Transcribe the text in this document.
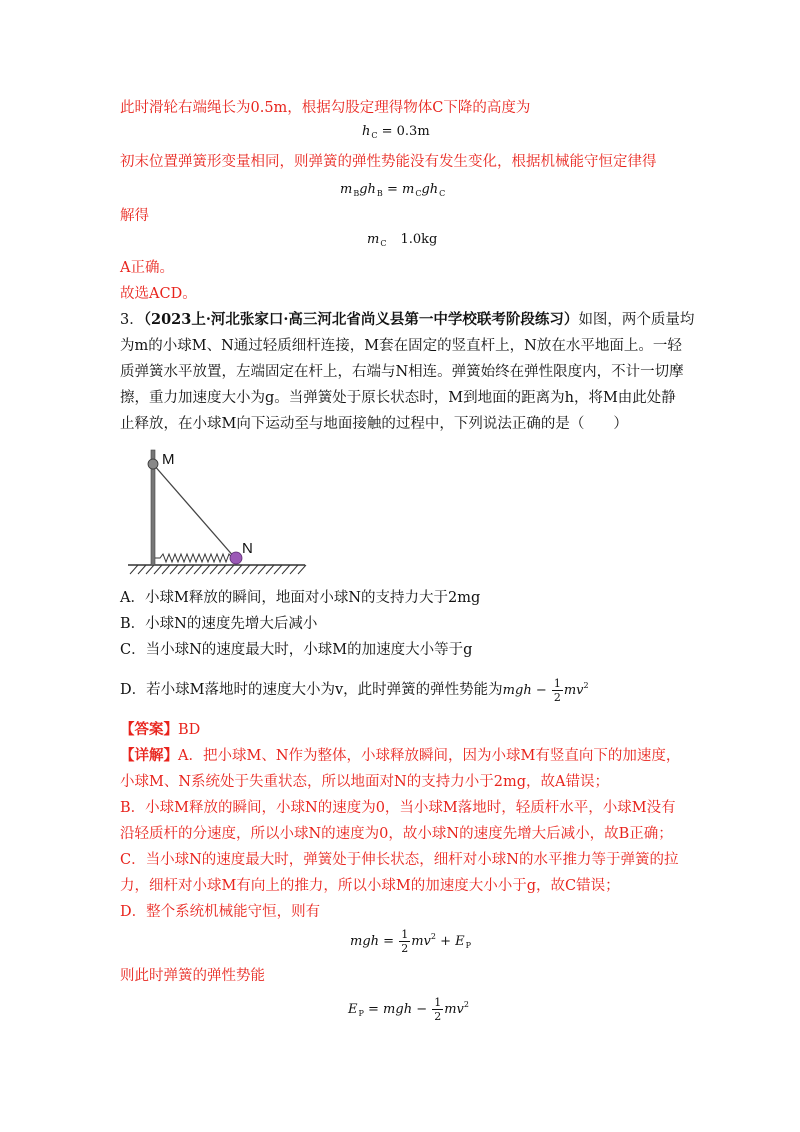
此时滑轮右端绳长为0.5m，根据勾股定理得物体C下降的高度为
$h_C = 0.3m$
初末位置弹簧形变量相同，则弹簧的弹性势能没有发生变化，根据机械能守恒定律得
$m_Bgh_B = m_Cgh_C$
解得
$m_C$ 1.0kg
A正确。
故选ACD。
3．（2023上·河北张家口·高三河北省尚义县第一中学校联考阶段练习）如图，两个质量均
为m的小球M、N通过轻质细杆连接，M套在固定的竖直杆上，N放在水平地面上。一轻
质弹簧水平放置，左端固定在杆上，右端与N相连。弹簧始终在弹性限度内，不计一切摩
擦，重力加速度大小为g。当弹簧处于原长状态时，M到地面的距离为h，将M由此处静
止释放，在小球M向下运动至与地面接触的过程中，下列说法正确的是（　　）
M
N
A．小球M释放的瞬间，地面对小球N的支持力大于2mg
B．小球N的速度先增大后减小
C．当小球N的速度最大时，小球M的加速度大小等于g
D．若小球M落地时的速度大小为v，此时弹簧的弹性势能为mgh − $\frac{1}{2} mv^2$
【答案】BD
【详解】A．把小球M、N作为整体，小球释放瞬间，因为小球M有竖直向下的加速度，
小球M、N系统处于失重状态，所以地面对N的支持力小于2mg，故A错误；
B．小球M释放的瞬间，小球N的速度为0，当小球M落地时，轻质杆水平，小球M没有
沿轻质杆的分速度，所以小球N的速度为0，故小球N的速度先增大后减小，故B正确；
C．当小球N的速度最大时，弹簧处于伸长状态，细杆对小球N的水平推力等于弹簧的拉
力，细杆对小球M有向上的推力，所以小球M的加速度大小小于g，故C错误；
D．整个系统机械能守恒，则有
mgh = $\frac{1}{2} mv^2 + E_P$
则此时弹簧的弹性势能
$E_P$ = mgh − $\frac{1}{2} mv^2$
